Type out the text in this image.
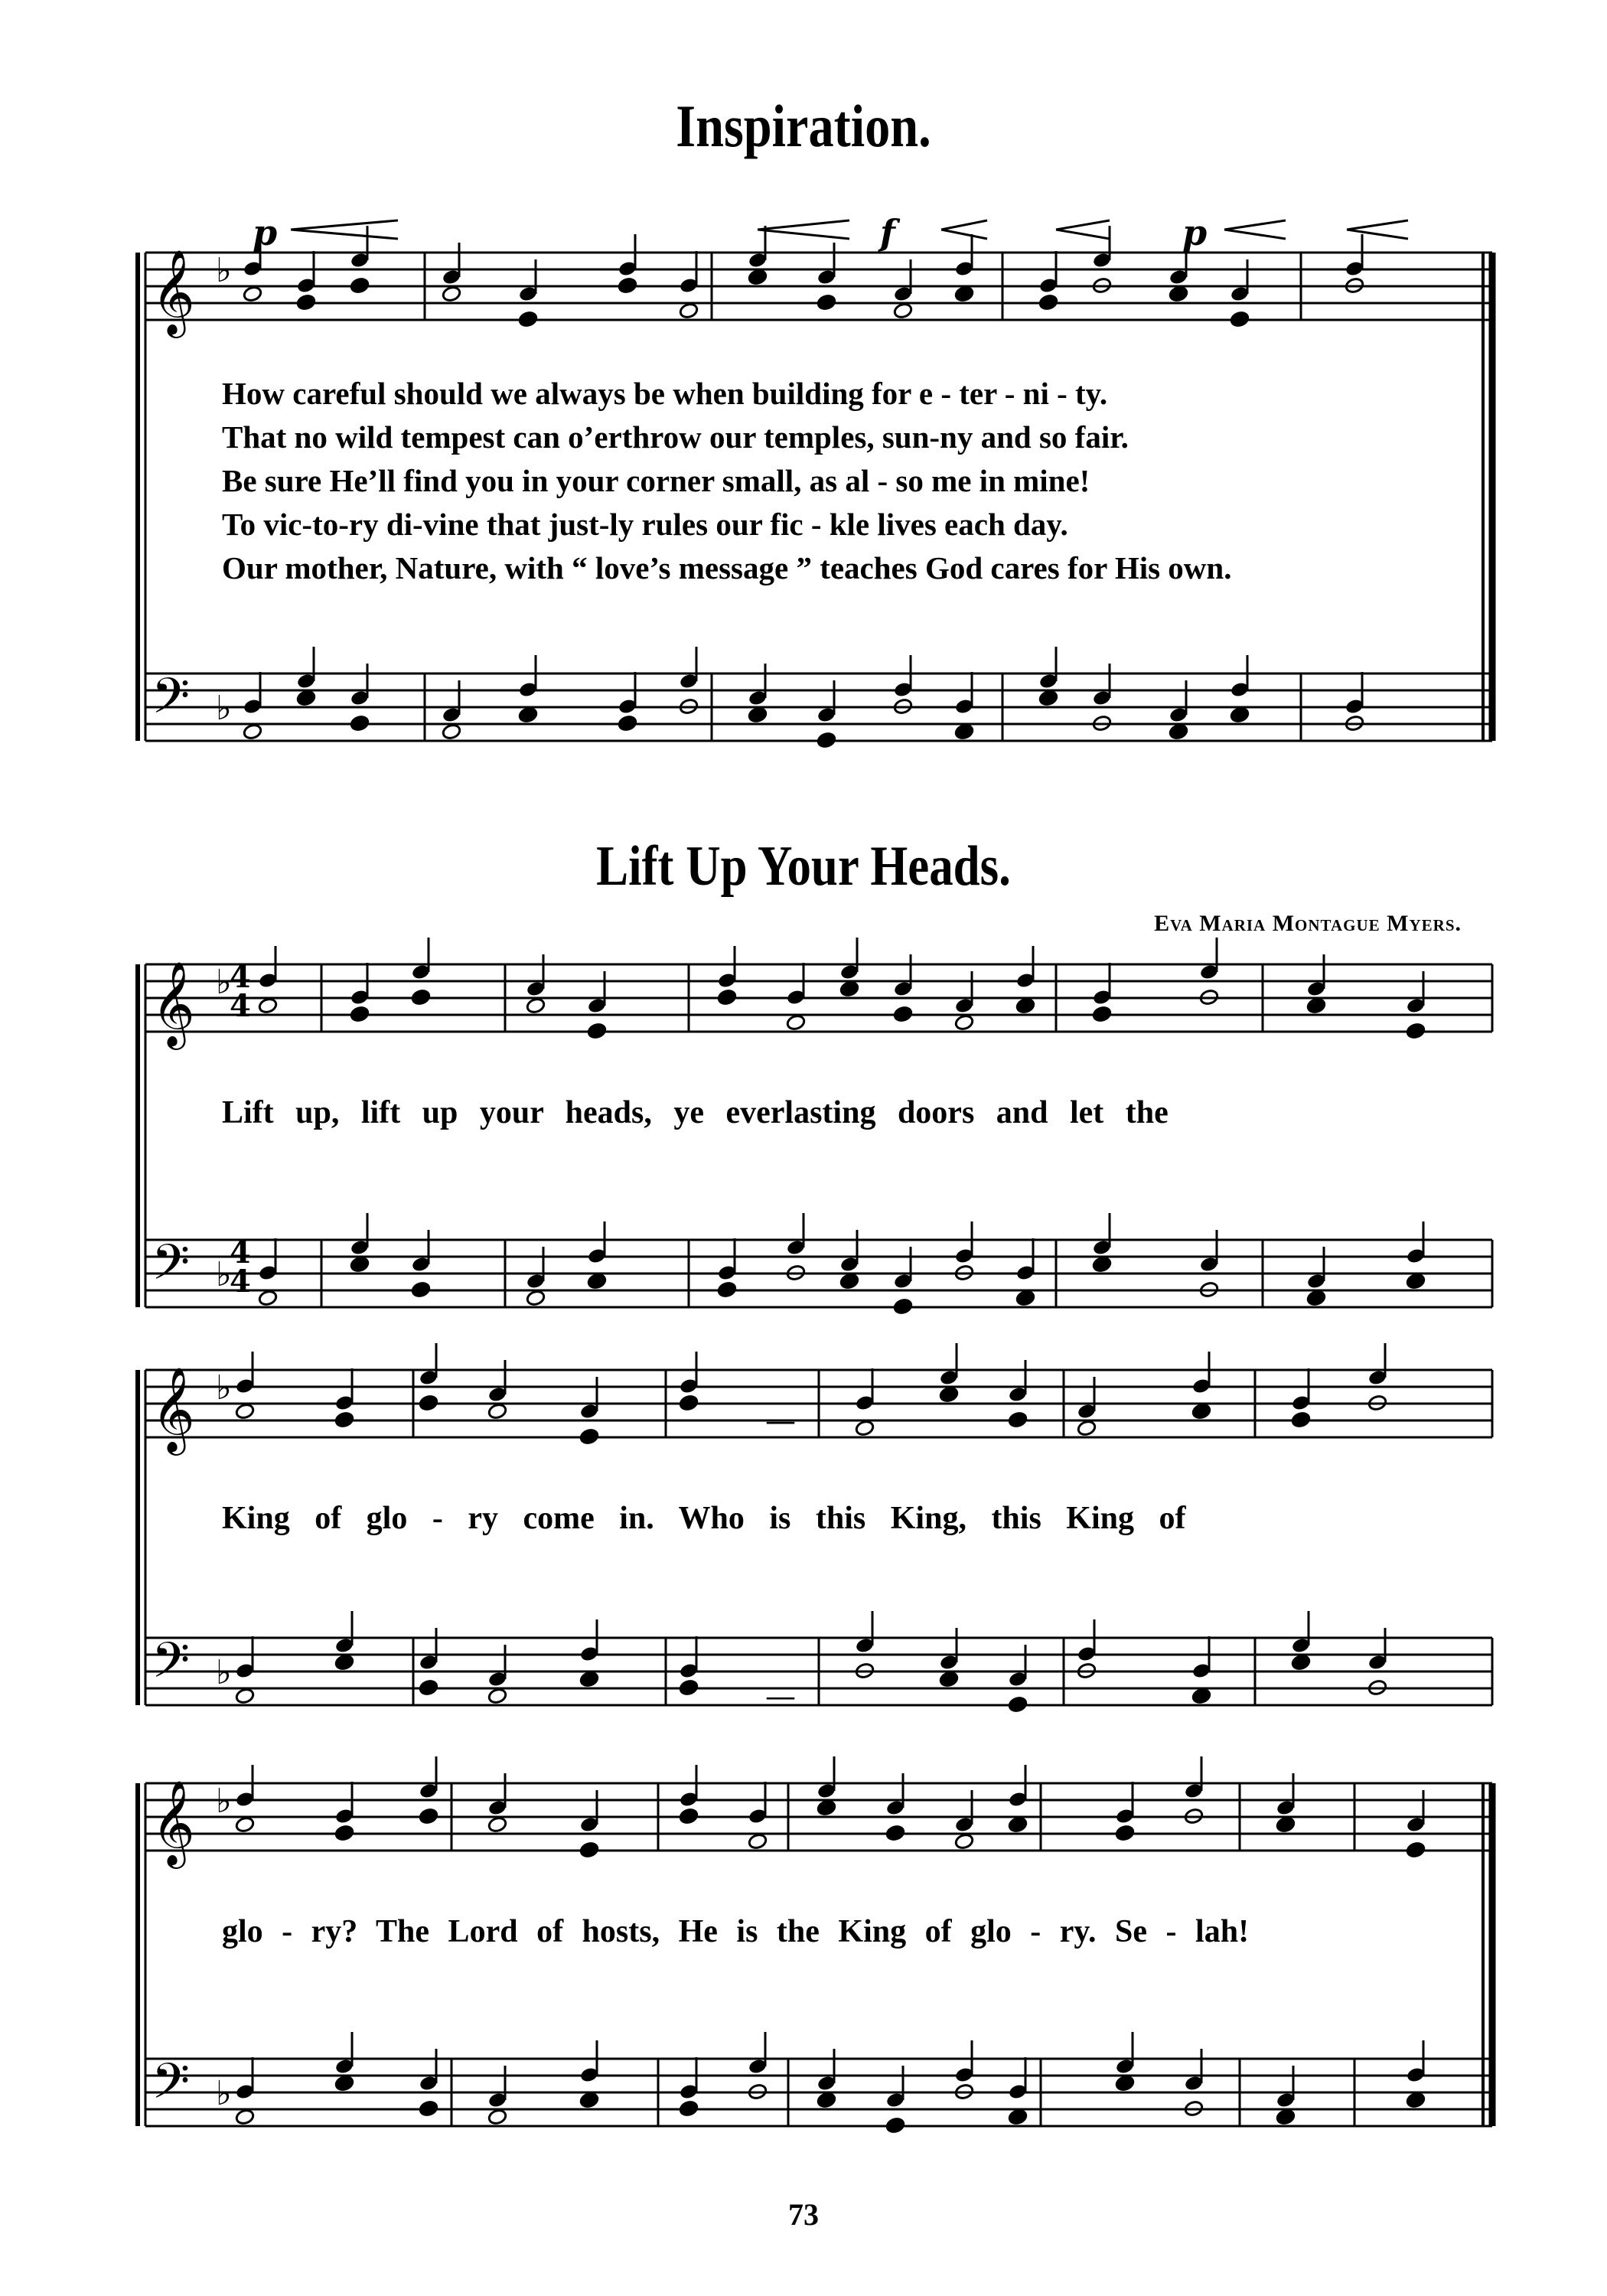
Inspiration.
Lift Up Your Heads.
Eva Maria Montague Myers.
𝄞
𝄢
♭
♭
p	f	p
𝄞
𝄢
♭
♭
4
4
4
4
𝄞
𝄢
♭
♭
—
—
𝄞
𝄢
♭
♭
How careful should we always be when building for e - ter - ni - ty.
That no wild tempest can o’erthrow our temples, sun-ny and so fair.
Be sure He’ll find you in your corner small, as al - so me in mine!
To vic-to-ry di-vine that just-ly rules our fic - kle lives each day.
Our mother, Nature, with “ love’s message ” teaches God cares for His own.
Lift up, lift up your heads, ye everlasting doors and let the
King of glo - ry come in. Who is this King, this King of
glo - ry? The Lord of hosts, He is the King of glo - ry. Se - lah!
73
